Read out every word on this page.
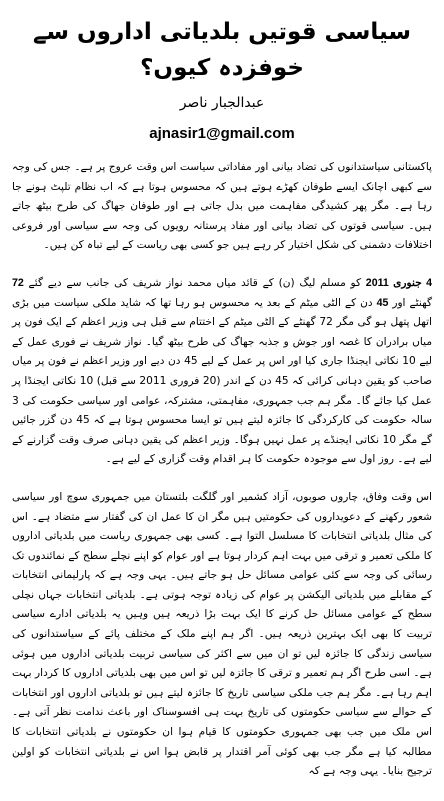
سیاسی قوتیں بلدیاتی اداروں سے خوفزدہ کیوں؟
عبدالجبار ناصر
ajnasir1@gmail.com

پاکستانی سیاستدانوں کی تضاد بیانی اور مفاداتی سیاست اس وقت عروج پر ہے۔ جس کی وجہ سے کبھی اچانک ایسے طوفان کھڑے ہوتے ہیں کہ محسوس ہوتا ہے کہ اب نظام تلپٹ ہونے جا رہا ہے۔ مگر پھر کشیدگی مفاہمت میں بدل جاتی ہے اور طوفان جھاگ کی طرح بیٹھ جاتے ہیں۔ سیاسی قوتوں کی تضاد بیانی اور مفاد پرستانہ رویوں کی وجہ سے سیاسی اور فروعی اختلافات دشمنی کی شکل اختیار کر رہے ہیں جو کسی بھی ریاست کے لیے تباہ کن ہیں۔

4 جنوری 2011 کو مسلم لیگ (ن) کے قائد میاں محمد نواز شریف کی جانب سے دیے گئے 72 گھنٹے اور 45 دن کے الٹی میٹم کے بعد یہ محسوس ہو رہا تھا کہ شاید ملکی سیاست میں بڑی اتھل پتھل ہو گی مگر 72 گھنٹے کے الٹی میٹم کے اختتام سے قبل ہی وزیر اعظم کے ایک فون پر میاں برادران کا غصہ اور جوش و جذبہ جھاگ کی طرح بیٹھ گیا۔ نواز شریف نے فوری عمل کے لیے 10 نکاتی ایجنڈا جاری کیا اور اس پر عمل کے لیے 45 دن دیے اور وزیر اعظم نے فون پر میاں صاحب کو یقین دہانی کرائی کہ 45 دن کے اندر (20 فروری 2011 سے قبل) 10 نکاتی ایجنڈا پر عمل کیا جائے گا۔ مگر ہم جب جمہوری، مفاہمتی، مشترکہ، عوامی اور سیاسی حکومت کی 3 سالہ حکومت کی کارکردگی کا جائزہ لیتے ہیں تو ایسا محسوس ہوتا ہے کہ 45 دن گزر جائیں گے مگر 10 نکاتی ایجنڈے پر عمل نہیں ہوگا۔ وزیر اعظم کی یقین دہانی صرف وقت گزارنے کے لیے ہے۔ روز اول سے موجودہ حکومت کا ہر اقدام وقت گزاری کے لیے ہے۔

اس وقت وفاق، چاروں صوبوں، آزاد کشمیر اور گلگت بلتستان میں جمہوری سوچ اور سیاسی شعور رکھنے کے دعویداروں کی حکومتیں ہیں مگر ان کا عمل ان کی گفتار سے متضاد ہے۔ اس کی مثال بلدیاتی انتخابات کا مسلسل التوا ہے۔ کسی بھی جمہوری ریاست میں بلدیاتی اداروں کا ملکی تعمیر و ترقی میں بہت اہم کردار ہوتا ہے اور عوام کو اپنے نچلے سطح کے نمائندوں تک رسائی کی وجہ سے کئی عوامی مسائل حل ہو جاتے ہیں۔ یہی وجہ ہے کہ پارلیمانی انتخابات کے مقابلے میں بلدیاتی الیکشن پر عوام کی زیادہ توجہ ہوتی ہے۔ بلدیاتی انتخابات جہاں نچلی سطح کے عوامی مسائل حل کرنے کا ایک بہت بڑا ذریعہ ہیں وہیں یہ بلدیاتی ادارے سیاسی تربیت کا بھی ایک بہترین ذریعہ ہیں۔ اگر ہم اپنے ملک کے مختلف پائے کے سیاستدانوں کی سیاسی زندگی کا جائزہ لیں تو ان میں سے اکثر کی سیاسی تربیت بلدیاتی اداروں میں ہوئی ہے۔ اسی طرح اگر ہم تعمیر و ترقی کا جائزہ لیں تو اس میں بھی بلدیاتی اداروں کا کردار بہت اہم رہا ہے۔ مگر ہم جب ملکی سیاسی تاریخ کا جائزہ لیتے ہیں تو بلدیاتی اداروں اور انتخابات کے حوالے سے سیاسی حکومتوں کی تاریخ بہت ہی افسوسناک اور باعث ندامت نظر آتی ہے۔ اس ملک میں جب بھی جمہوری حکومتوں کا قیام ہوا ان حکومتوں نے بلدیاتی انتخابات کا مطالبہ کیا ہے مگر جب بھی کوئی آمر اقتدار پر قابض ہوا اس نے بلدیاتی انتخابات کو اولین ترجیح بنایا۔ یہی وجہ ہے کہ
